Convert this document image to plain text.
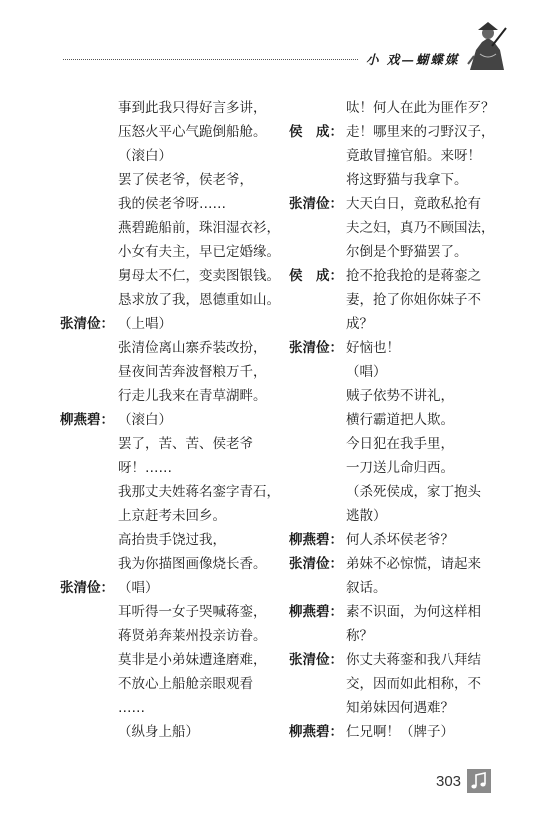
小 戏—蝴蝶媒
事到此我只得好言多讲，
压怒火平心气跪倒船舱。
（滚白）
罢了侯老爷，侯老爷，
我的侯老爷呀……
燕碧跪船前，珠泪湿衣衫，
小女有夫主，早已定婚缘。
舅母太不仁，变卖图银钱。
恳求放了我，恩德重如山。
张清俭： （上唱）
张清俭离山寨乔装改扮，
昼夜间苦奔波督粮万千，
行走儿我来在青草湖畔。
柳燕碧： （滚白）
罢了，苦、苦、侯老爷
呀！……
我那丈夫姓蒋名銮字青石，
上京赶考未回乡。
高抬贵手饶过我，
我为你描图画像烧长香。
张清俭： （唱）
耳听得一女子哭喊蒋銮，
蒋贤弟奔莱州投亲访眷。
莫非是小弟妹遭逢磨难，
不放心上船舱亲眼观看
……
（纵身上船）
呔！何人在此为匪作歹？
侯　成： 走！哪里来的刁野汉子，
竟敢冒撞官船。来呀！
将这野猫与我拿下。
张清俭： 大天白日，竟敢私抢有
夫之妇，真乃不顾国法，
尔倒是个野猫罢了。
侯　成： 抢不抢我抢的是蒋銮之
妻，抢了你姐你妹子不
成？
张清俭： 好恼也！
（唱）
贼子依势不讲礼，
横行霸道把人欺。
今日犯在我手里，
一刀送儿命归西。
（杀死侯成，家丁抱头
逃散）
柳燕碧： 何人杀坏侯老爷？
张清俭： 弟妹不必惊慌，请起来
叙话。
柳燕碧： 素不识面，为何这样相
称？
张清俭： 你丈夫蒋銮和我八拜结
交，因而如此相称，不
知弟妹因何遇难？
柳燕碧： 仁兄啊！（牌子）
303
